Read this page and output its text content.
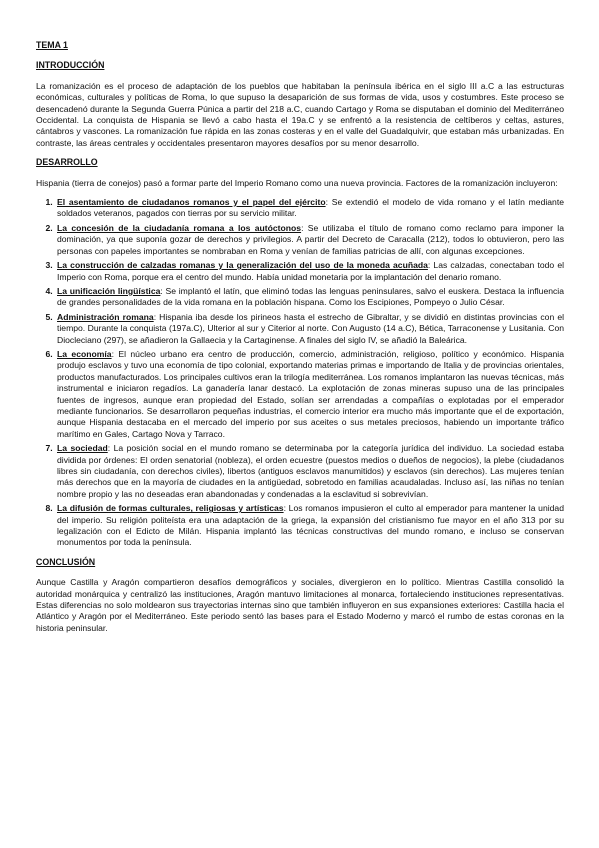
TEMA 1
INTRODUCCIÓN

La romanización es el proceso de adaptación de los pueblos que habitaban la península ibérica en el siglo III a.C a las estructuras económicas, culturales y políticas de Roma, lo que supuso la desaparición de sus formas de vida, usos y costumbres. Este proceso se desencadenó durante la Segunda Guerra Púnica a partir del 218 a.C, cuando Cartago y Roma se disputaban el dominio del Mediterráneo Occidental. La conquista de Hispania se llevó a cabo hasta el 19a.C y se enfrentó a la resistencia de celtíberos y celtas, astures, cántabros y vascones. La romanización fue rápida en las zonas costeras y en el valle del Guadalquivir, que estaban más urbanizadas. En contraste, las áreas centrales y occidentales presentaron mayores desafíos por su menor desarrollo.

DESARROLLO

Hispania (tierra de conejos) pasó a formar parte del Imperio Romano como una nueva provincia. Factores de la romanización incluyeron:

1. El asentamiento de ciudadanos romanos y el papel del ejército: Se extendió el modelo de vida romano y el latín mediante soldados veteranos, pagados con tierras por su servicio militar.
2. La concesión de la ciudadanía romana a los autóctonos: Se utilizaba el título de romano como reclamo para imponer la dominación, ya que suponía gozar de derechos y privilegios. A partir del Decreto de Caracalla (212), todos lo obtuvieron, pero las personas con papeles importantes se nombraban en Roma y venían de familias patricias de allí, con algunas excepciones.
3. La construcción de calzadas romanas y la generalización del uso de la moneda acuñada: Las calzadas, conectaban todo el Imperio con Roma, porque era el centro del mundo. Había unidad monetaria por la implantación del denario romano.
4. La unificación lingüística: Se implantó el latín, que eliminó todas las lenguas peninsulares, salvo el euskera. Destaca la influencia de grandes personalidades de la vida romana en la población hispana. Como los Escipiones, Pompeyo o Julio César.
5. Administración romana: Hispania iba desde los pirineos hasta el estrecho de Gibraltar, y se dividió en distintas provincias con el tiempo. Durante la conquista (197a.C), Ulterior al sur y Citerior al norte. Con Augusto (14 a.C), Bética, Tarraconense y Lusitania. Con Diocleciano (297), se añadieron la Gallaecia y la Cartaginense. A finales del siglo IV, se añadió la Baleárica.
6. La economía: El núcleo urbano era centro de producción, comercio, administración, religioso, político y económico. Hispania produjo esclavos y tuvo una economía de tipo colonial, exportando materias primas e importando de Italia y de provincias orientales, productos manufacturados. Los principales cultivos eran la trilogía mediterránea. Los romanos implantaron las nuevas técnicas, más instrumental e iniciaron regadíos. La ganadería lanar destacó. La explotación de zonas mineras supuso una de las principales fuentes de ingresos, aunque eran propiedad del Estado, solían ser arrendadas a compañías o explotadas por el emperador mediante funcionarios. Se desarrollaron pequeñas industrias, el comercio interior era mucho más importante que el de exportación, aunque Hispania destacaba en el mercado del imperio por sus aceites o sus metales preciosos, habiendo un importante tráfico marítimo en Gales, Cartago Nova y Tarraco.
7. La sociedad: La posición social en el mundo romano se determinaba por la categoría jurídica del individuo. La sociedad estaba dividida por órdenes: El orden senatorial (nobleza), el orden ecuestre (puestos medios o dueños de negocios), la plebe (ciudadanos libres sin ciudadanía, con derechos civiles), libertos (antiguos esclavos manumitidos) y esclavos (sin derechos). Las mujeres tenían más derechos que en la mayoría de ciudades en la antigüedad, sobretodo en familias acaudaladas. Incluso así, las niñas no tenían nombre propio y las no deseadas eran abandonadas y condenadas a la esclavitud si sobrevivían.
8. La difusión de formas culturales, religiosas y artísticas: Los romanos impusieron el culto al emperador para mantener la unidad del imperio. Su religión politeísta era una adaptación de la griega, la expansión del cristianismo fue mayor en el año 313 por su legalización con el Edicto de Milán. Hispania implantó las técnicas constructivas del mundo romano, e incluso se conservan monumentos por toda la península.
CONCLUSIÓN

Aunque Castilla y Aragón compartieron desafíos demográficos y sociales, divergieron en lo político. Mientras Castilla consolidó la autoridad monárquica y centralizó las instituciones, Aragón mantuvo limitaciones al monarca, fortaleciendo instituciones representativas. Estas diferencias no solo moldearon sus trayectorias internas sino que también influyeron en sus expansiones exteriores: Castilla hacia el Atlántico y Aragón por el Mediterráneo. Este periodo sentó las bases para el Estado Moderno y marcó el rumbo de estas coronas en la historia peninsular.
